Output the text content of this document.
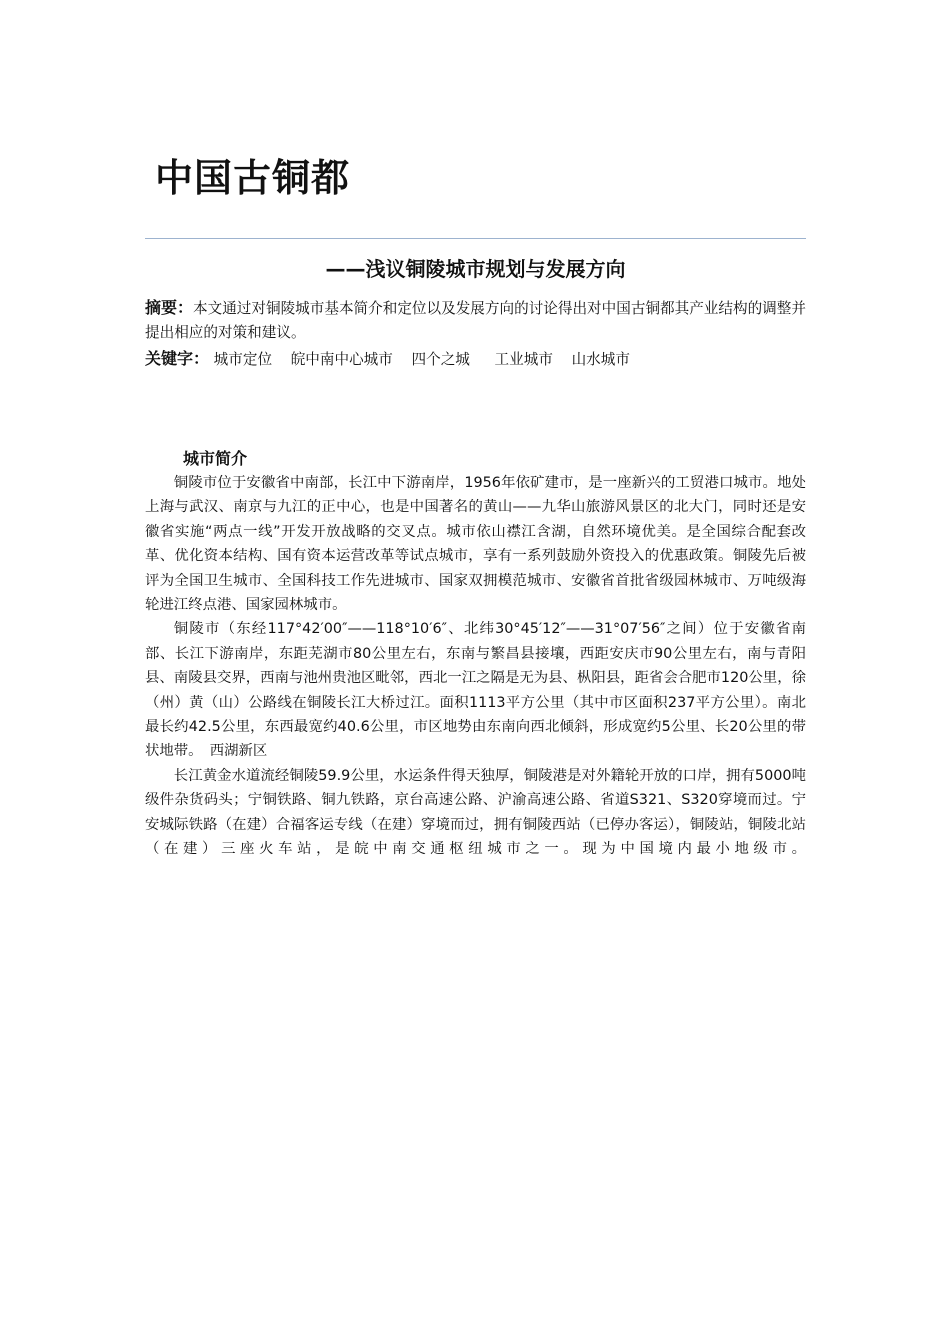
中国古铜都
——浅议铜陵城市规划与发展方向

摘要：本文通过对铜陵城市基本简介和定位以及发展方向的讨论得出对中国古铜都其产业结构的调整并提出相应的对策和建议。

关键字： 城市定位 皖中南中心城市 四个之城 工业城市 山水城市

城市简介

铜陵市位于安徽省中南部，长江中下游南岸，1956年依矿建市，是一座新兴的工贸港口城市。地处上海与武汉、南京与九江的正中心，也是中国著名的黄山——九华山旅游风景区的北大门，同时还是安徽省实施“两点一线”开发开放战略的交叉点。城市依山襟江含湖，自然环境优美。是全国综合配套改革、优化资本结构、国有资本运营改革等试点城市，享有一系列鼓励外资投入的优惠政策。铜陵先后被评为全国卫生城市、全国科技工作先进城市、国家双拥模范城市、安徽省首批省级园林城市、万吨级海轮进江终点港、国家园林城市。

铜陵市（东经117°42′00″——118°10′6″、北纬30°45′12″——31°07′56″之间）位于安徽省南部、长江下游南岸，东距芜湖市80公里左右，东南与繁昌县接壤，西距安庆市90公里左右，南与青阳县、南陵县交界，西南与池州贵池区毗邻，西北一江之隔是无为县、枞阳县，距省会合肥市120公里，徐（州）黄（山）公路线在铜陵长江大桥过江。面积1113平方公里（其中市区面积237平方公里）。南北最长约42.5公里，东西最宽约40.6公里，市区地势由东南向西北倾斜，形成宽约5公里、长20公里的带状地带。　西湖新区

长江黄金水道流经铜陵59.9公里，水运条件得天独厚，铜陵港是对外籍轮开放的口岸，拥有5000吨级件杂货码头；宁铜铁路、铜九铁路，京台高速公路、沪渝高速公路、省道S321、S320穿境而过。宁安城际铁路（在建）合福客运专线（在建）穿境而过，拥有铜陵西站（已停办客运），铜陵站，铜陵北站（在建）三座火车站，是皖中南交通枢纽城市之一。现为中国境内最小地级市。
